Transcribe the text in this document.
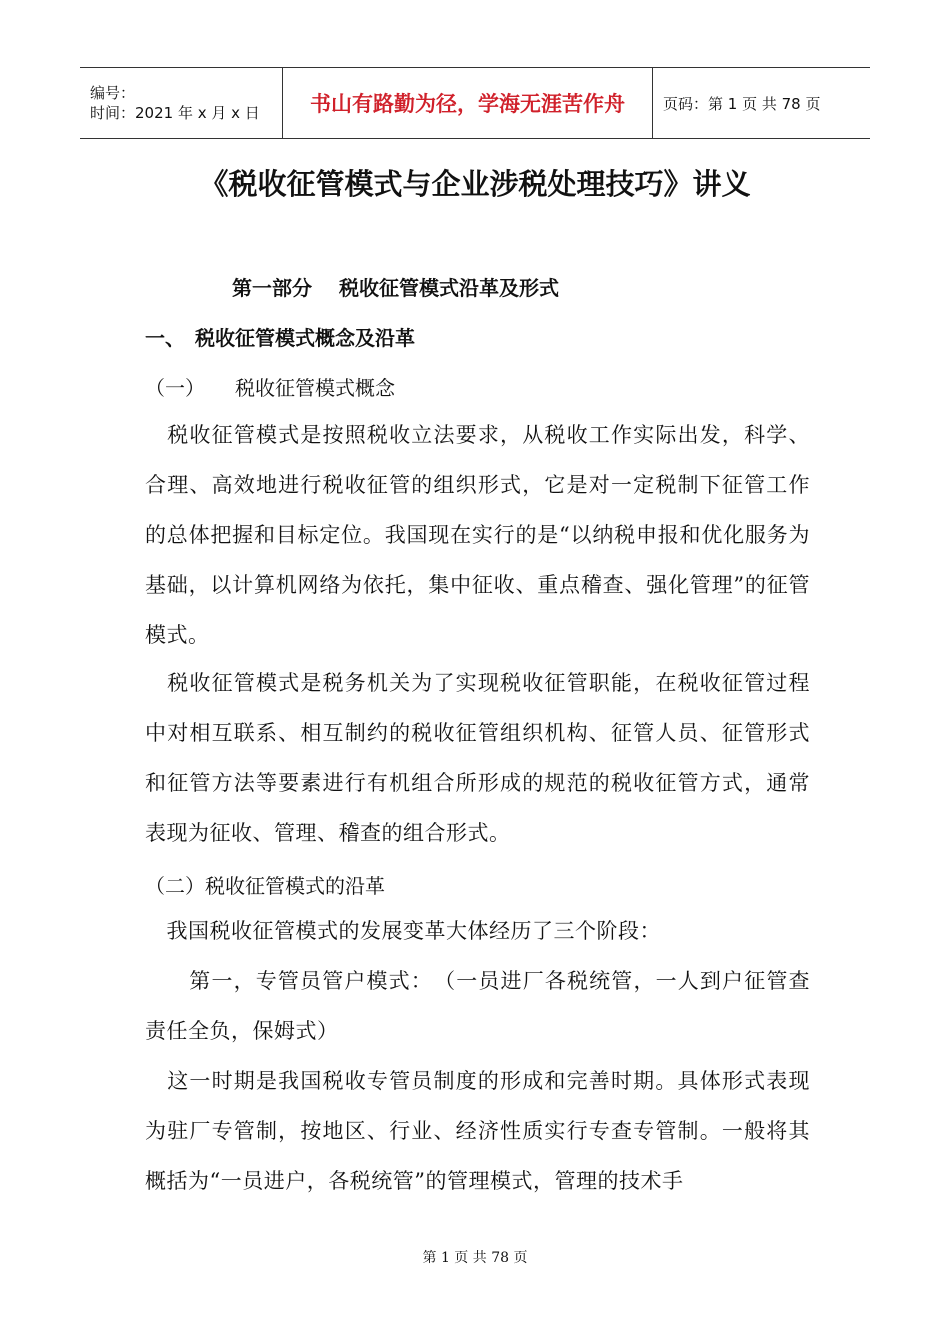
编号：
时间：2021 年 x 月 x 日	书山有路勤为径，学海无涯苦作舟	页码：第 1 页 共 78 页
《税收征管模式与企业涉税处理技巧》讲义
第一部分　 税收征管模式沿革及形式
一、　税收征管模式概念及沿革
（一）　　税收征管模式概念
　税收征管模式是按照税收立法要求，从税收工作实际出发，科学、合理、高效地进行税收征管的组织形式，它是对一定税制下征管工作的总体把握和目标定位。我国现在实行的是“以纳税申报和优化服务为基础，以计算机网络为依托，集中征收、重点稽查、强化管理”的征管模式。
　税收征管模式是税务机关为了实现税收征管职能，在税收征管过程中对相互联系、相互制约的税收征管组织机构、征管人员、征管形式和征管方法等要素进行有机组合所形成的规范的税收征管方式，通常表现为征收、管理、稽查的组合形式。
（二）税收征管模式的沿革
　我国税收征管模式的发展变革大体经历了三个阶段：
　　第一，专管员管户模式：　（一员进厂各税统管，一人到户征管查责任全负，保姆式）
　这一时期是我国税收专管员制度的形成和完善时期。具体形式表现为驻厂专管制，按地区、行业、经济性质实行专查专管制。一般将其概括为“一员进户，各税统管”的管理模式，管理的技术手
第 1 页 共 78 页
